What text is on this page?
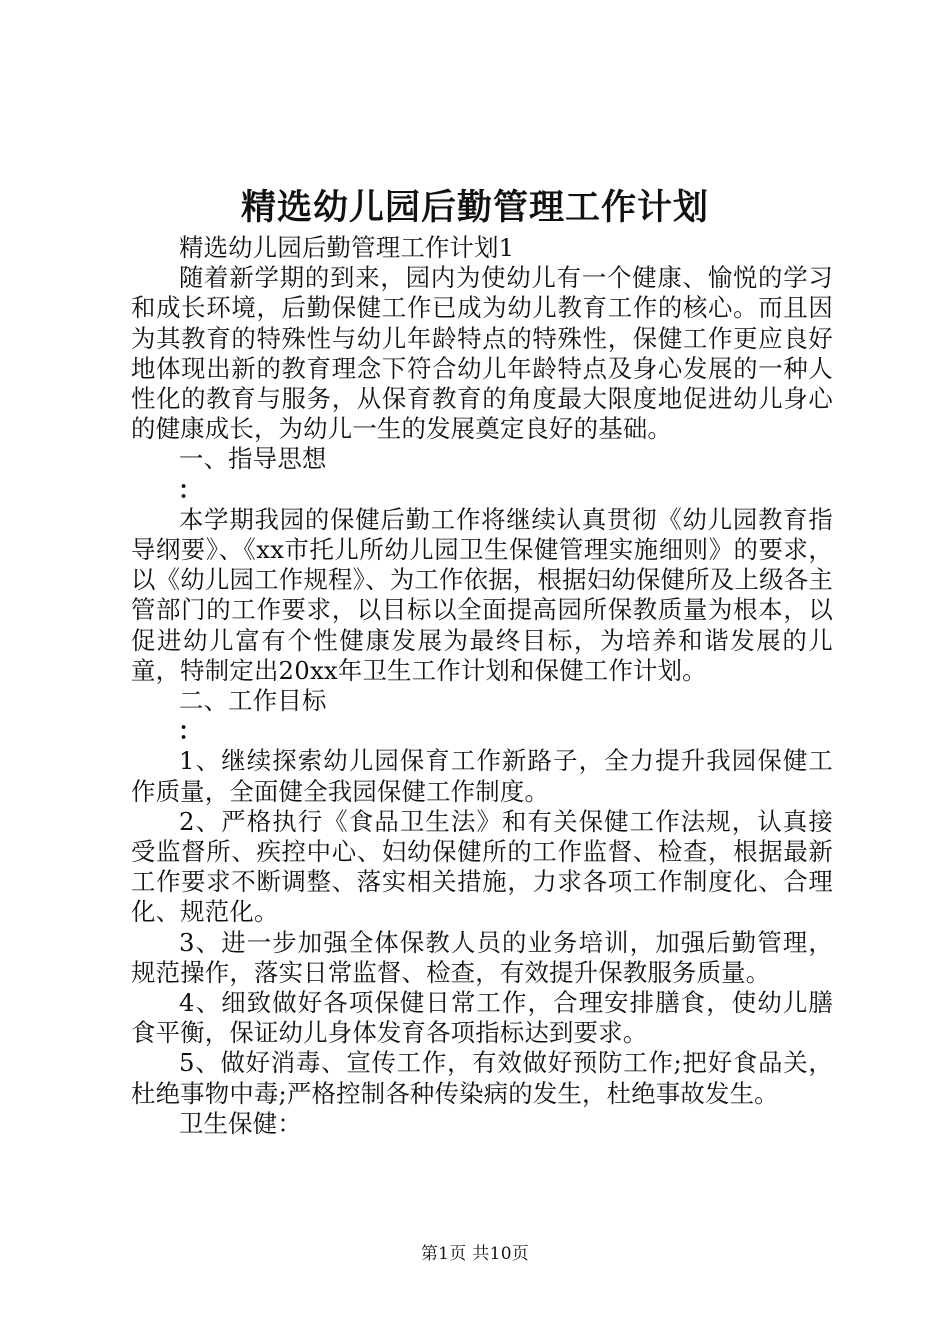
精选幼儿园后勤管理工作计划

精选幼儿园后勤管理工作计划1

随着新学期的到来，园内为使幼儿有一个健康、愉悦的学习和成长环境，后勤保健工作已成为幼儿教育工作的核心。而且因为其教育的特殊性与幼儿年龄特点的特殊性，保健工作更应良好地体现出新的教育理念下符合幼儿年龄特点及身心发展的一种人性化的教育与服务，从保育教育的角度最大限度地促进幼儿身心的健康成长，为幼儿一生的发展奠定良好的基础。

一、指导思想

：

本学期我园的保健后勤工作将继续认真贯彻《幼儿园教育指导纲要》、《xx市托儿所幼儿园卫生保健管理实施细则》的要求，以《幼儿园工作规程》、为工作依据，根据妇幼保健所及上级各主管部门的工作要求，以目标以全面提高园所保教质量为根本，以促进幼儿富有个性健康发展为最终目标，为培养和谐发展的儿童，特制定出20xx年卫生工作计划和保健工作计划。

二、工作目标

：

1、继续探索幼儿园保育工作新路子，全力提升我园保健工作质量，全面健全我园保健工作制度。

2、严格执行《食品卫生法》和有关保健工作法规，认真接受监督所、疾控中心、妇幼保健所的工作监督、检查，根据最新工作要求不断调整、落实相关措施，力求各项工作制度化、合理化、规范化。

3、进一步加强全体保教人员的业务培训，加强后勤管理，规范操作，落实日常监督、检查，有效提升保教服务质量。

4、细致做好各项保健日常工作，合理安排膳食，使幼儿膳食平衡，保证幼儿身体发育各项指标达到要求。

5、做好消毒、宣传工作，有效做好预防工作;把好食品关，杜绝事物中毒;严格控制各种传染病的发生，杜绝事故发生。

卫生保健：

第1页 共10页
